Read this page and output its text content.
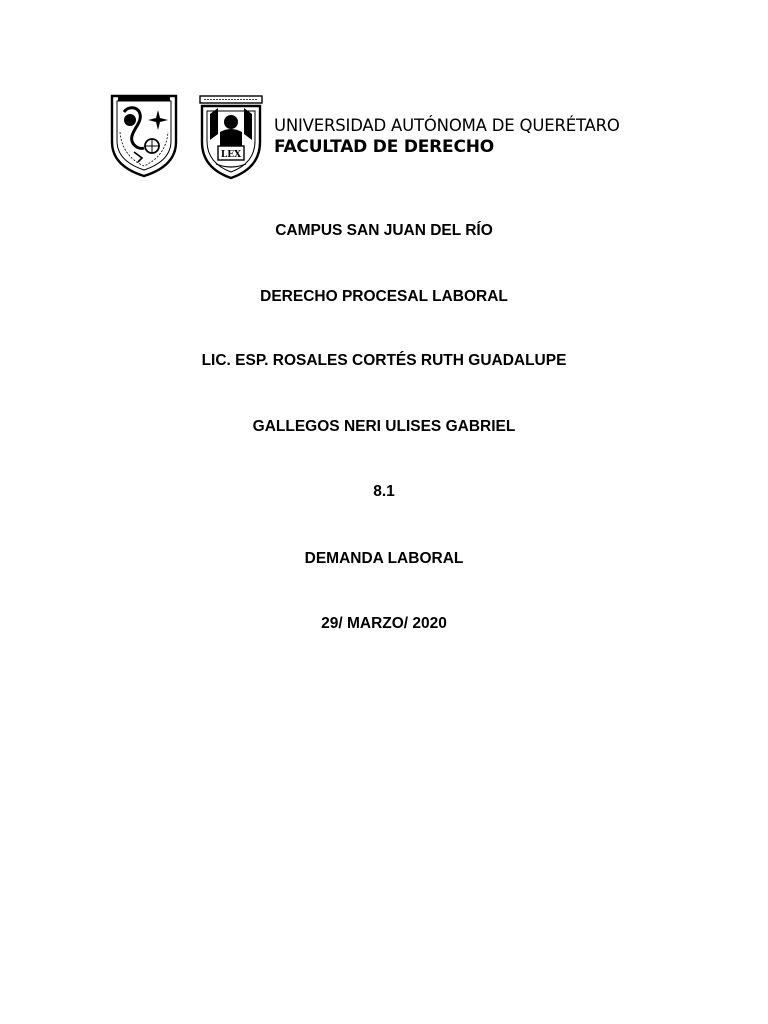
LEX
UNIVERSIDAD AUTÓNOMA DE QUERÉTARO
FACULTAD DE DERECHO
CAMPUS SAN JUAN DEL RÍO
DERECHO PROCESAL LABORAL
LIC. ESP. ROSALES CORTÉS RUTH GUADALUPE
GALLEGOS NERI ULISES GABRIEL
8.1
DEMANDA LABORAL
29/ MARZO/ 2020
